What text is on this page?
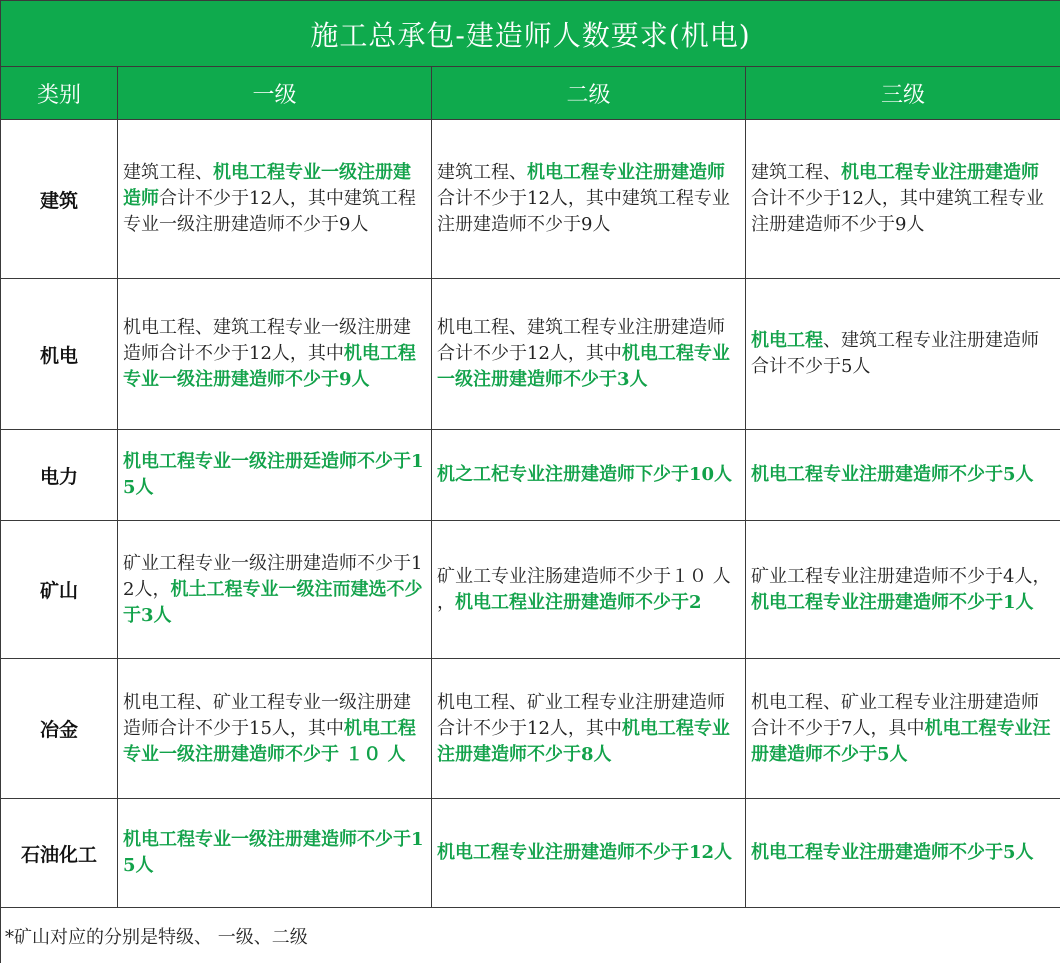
施工总承包-建造师人数要求(机电)			
类别	一级	二级	三级
建筑	建筑工程、机电工程专业一级注册建造师合计不少于12人，其中建筑工程专业一级注册建造师不少于9人	建筑工程、机电工程专业注册建造师合计不少于12人，其中建筑工程专业注册建造师不少于9人	建筑工程、机电工程专业注册建造师合计不少于12人，其中建筑工程专业注册建造师不少于9人
机电	机电工程、建筑工程专业一级注册建造师合计不少于12人，其中机电工程专业一级注册建造师不少于9人	机电工程、建筑工程专业注册建造师合计不少于12人，其中机电工程专业一级注册建造师不少于3人	机电工程、建筑工程专业注册建造师合计不少于5人
电力	机电工程专业一级注册廷造师不少于15人	机之工杞专业注册建造师下少于10人	机电工程专业注册建造师不少于5人
矿山	矿业工程专业一级注册建造师不少于12人，机土工程专业一级注而建选不少于3人	矿业工专业注肠建造师不少于１０ 人 ，机电工程业注册建造师不少于2	矿业工程专业注册建造师不少于4人，机电工程专业注册建造师不少于1人
冶金	机电工程、矿业工程专业一级注册建造师合计不少于15人，其中机电工程专业一级注册建造师不少于 １０ 人	机电工程、矿业工程专业注册建造师合计不少于12人，其中机电工程专业注册建造师不少于8人	机电工程、矿业工程专业注册建造师合计不少于7人，具中机电工程专业汪册建造师不少于5人
石油化工	机电工程专业一级注册建造师不少于15人	机电工程专业注册建造师不少于12人	机电工程专业注册建造师不少于5人
*矿山对应的分别是特级、 一级、二级			
